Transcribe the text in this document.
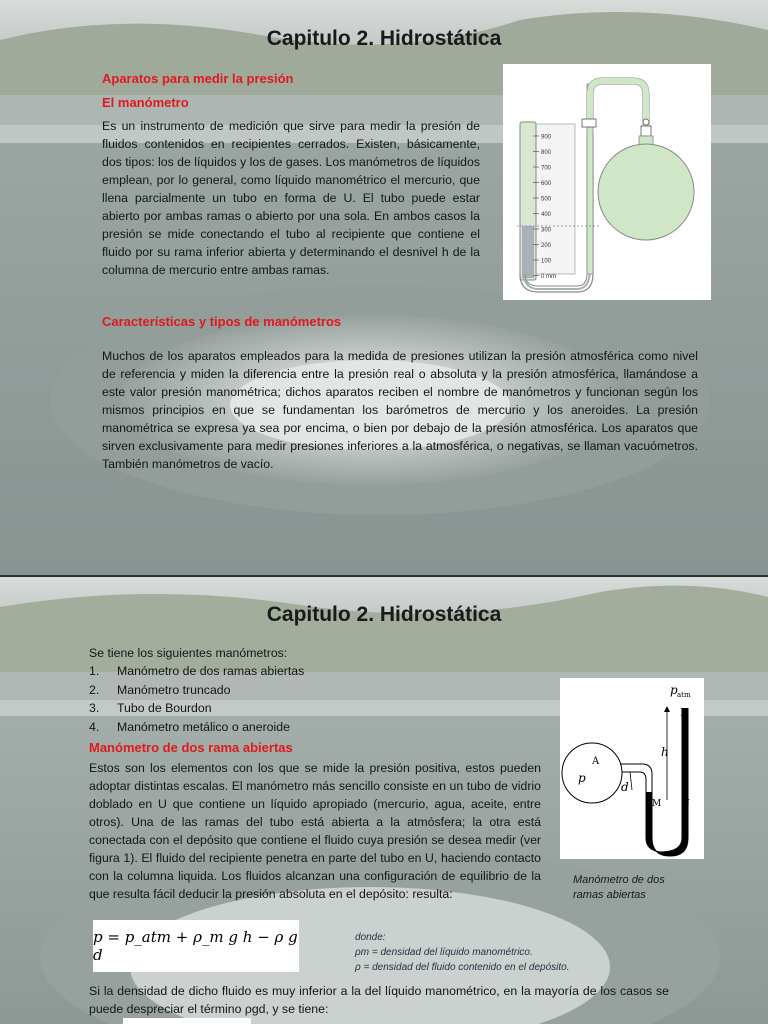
Capitulo 2. Hidrostática
Aparatos para medir la presión
El manómetro
Es un instrumento de medición que sirve para medir la presión de fluidos contenidos en recipientes cerrados. Existen, básicamente, dos tipos: los de líquidos y los de gases. Los manómetros de líquidos emplean, por lo general, como líquido manométrico el mercurio, que llena parcialmente un tubo en forma de U. El tubo puede estar abierto por ambas ramas o abierto por una sola. En ambos casos la presión se mide conectando el tubo al recipiente que contiene el fluido por su rama inferior abierta y determinando el desnivel h de la columna de mercurio entre ambas ramas.
900
800
700
600
500
400
300
200
100
0 mm
Características y tipos de manómetros
Muchos de los aparatos empleados para la medida de presiones utilizan la presión atmosférica como nivel de referencia y miden la diferencia entre la presión real o absoluta y la presión atmosférica, llamándose a este valor presión manométrica; dichos aparatos reciben el nombre de manómetros y funcionan según los mismos principios en que se fundamentan los barómetros de mercurio y los aneroides. La presión manométrica se expresa ya sea por encima, o bien por debajo de la presión atmosférica. Los aparatos que sirven exclusivamente para medir presiones inferiores a la atmosférica, o negativas, se llaman vacuómetros. También manómetros de vacío.
Capitulo 2. Hidrostática
Se tiene los siguientes manómetros:
1. Manómetro de dos ramas abiertas
2. Manómetro truncado
3. Tubo de Bourdon
4. Manómetro metálico o aneroide
Manómetro de dos rama abiertas
Estos son los elementos con los que se mide la presión positiva, estos pueden adoptar distintas escalas. El manómetro más sencillo consiste en un tubo de vidrio doblado en U que contiene un líquido apropiado (mercurio, agua, aceite, entre otros). Una de las ramas del tubo está abierta a la atmósfera; la otra está conectada con el depósito que contiene el fluido cuya presión se desea medir (ver figura 1). El fluido del recipiente penetra en parte del tubo en U, haciendo contacto con la columna liquida. Los fluidos alcanzan una configuración de equilibrio de la que resulta fácil deducir la presión absoluta en el depósito: resulta:
p atm
B
A
p
h
d
M N
Manómetro de dos
ramas abiertas
p = p_atm + ρ_m g h − ρ g d
donde:
ρm = densidad del líquido manométrico.
ρ = densidad del fluido contenido en el depósito.
Si la densidad de dicho fluido es muy inferior a la del líquido manométrico, en la mayoría de los casos se puede despreciar el término ρgd, y se tiene:
